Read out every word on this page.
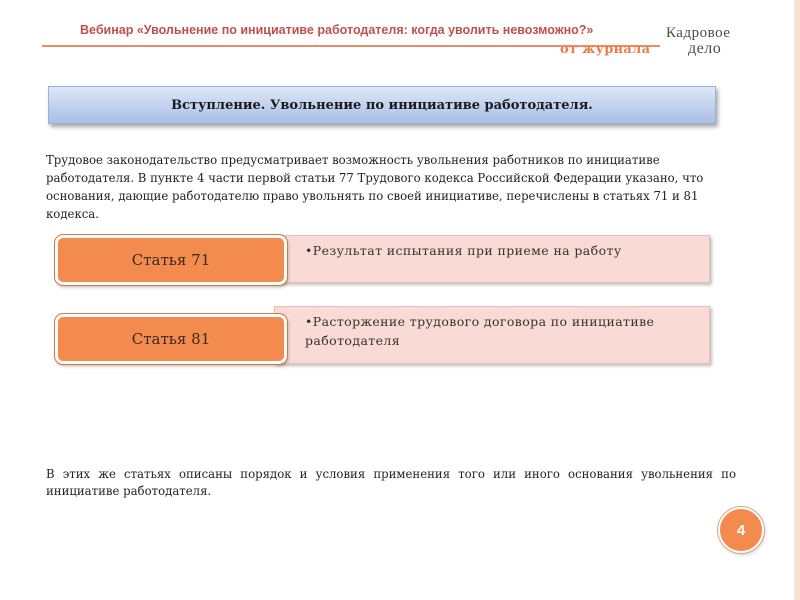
Вебинар «Увольнение по инициативе работодателя: когда уволить невозможно?»
от журнала
Кадровое
дело
Вступление. Увольнение по инициативе работодателя.
Трудовое законодательство предусматривает возможность увольнения работников по инициативе работодателя. В пункте 4 части первой статьи 77 Трудового кодекса Российской Федерации указано, что основания, дающие работодателю право увольнять по своей инициативе, перечислены в статьях 71 и 81 кодекса.
•Результат испытания при приеме на работу
Статья 71
•Расторжение трудового договора по инициативе работодателя
Статья 81
В этих же статьях описаны порядок и условия применения того или иного основания увольнения по инициативе работодателя.
4
